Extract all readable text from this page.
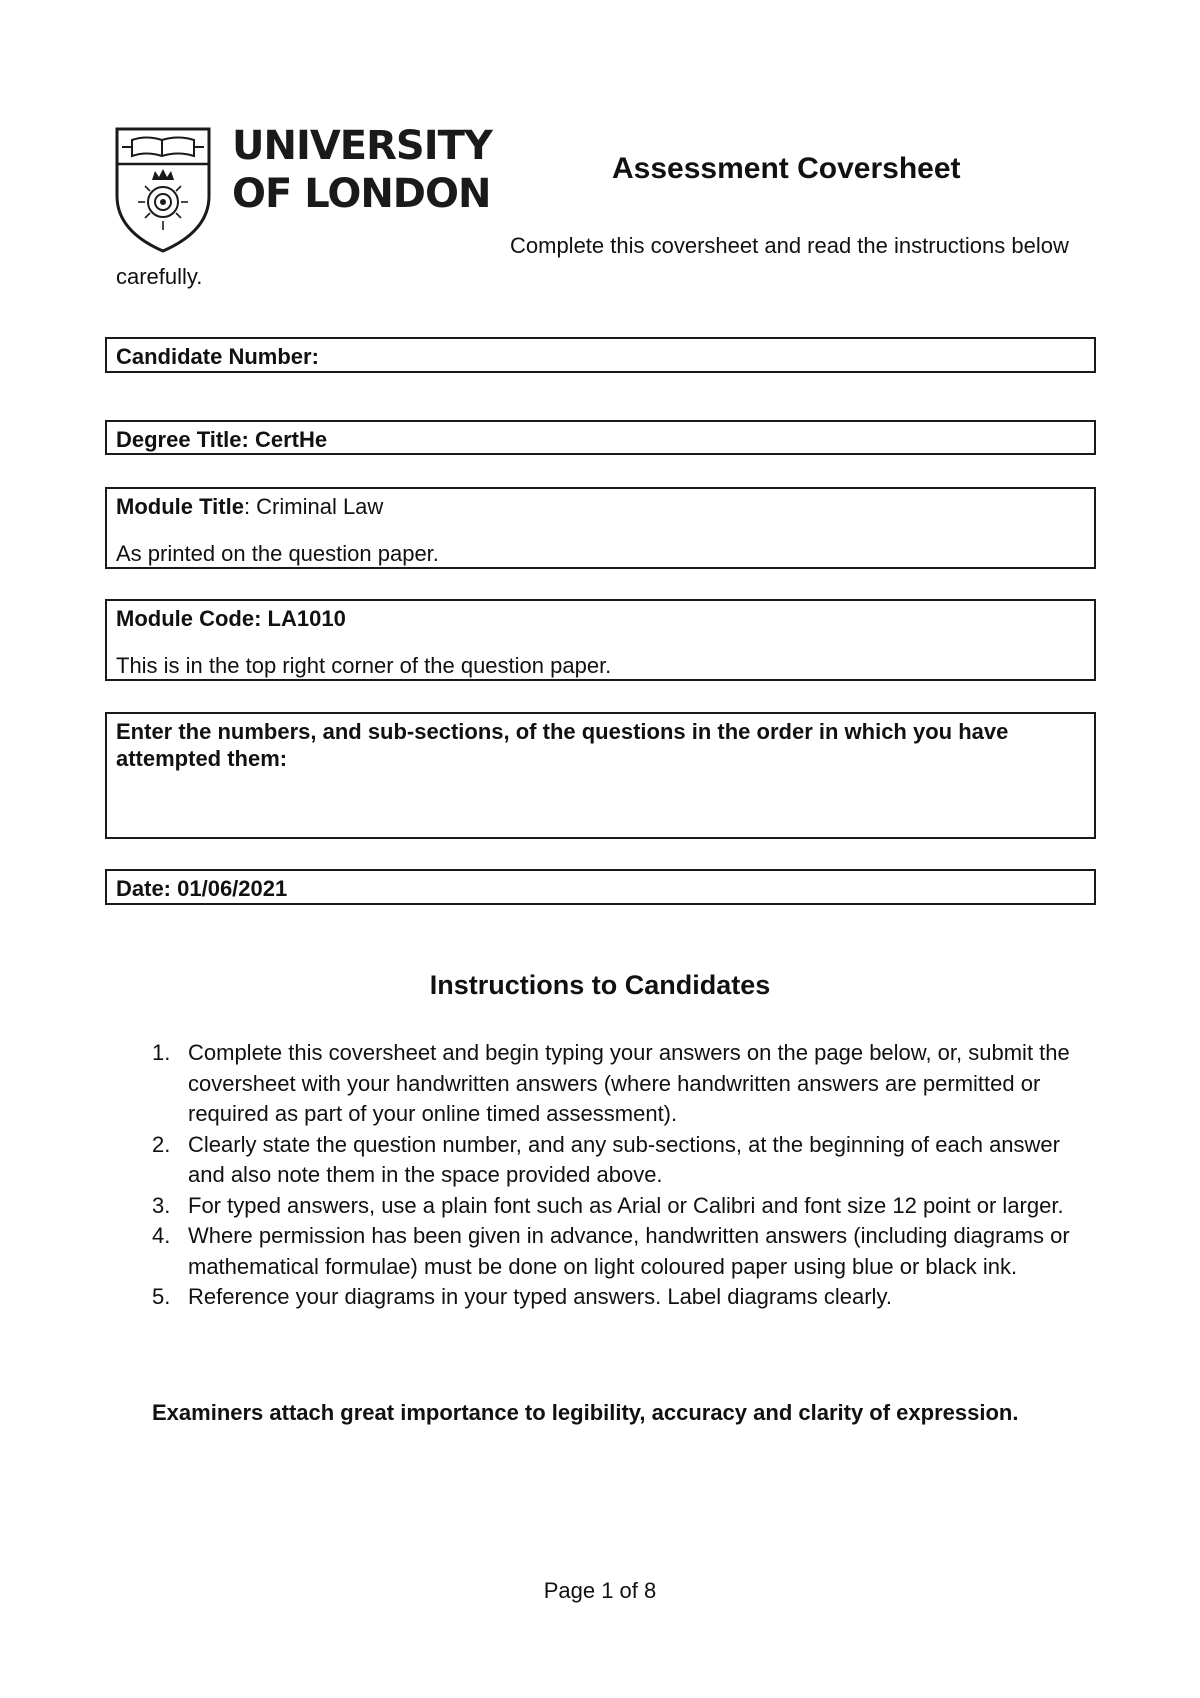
UNIVERSITY
OF LONDON
Assessment Coversheet
Complete this coversheet and read the instructions below carefully.
Candidate Number:
Degree Title: CertHe
Module Title: Criminal Law
As printed on the question paper.
Module Code: LA1010
This is in the top right corner of the question paper.
Enter the numbers, and sub-sections, of the questions in the order in which you have attempted them:
Date: 01/06/2021
Instructions to Candidates
1. Complete this coversheet and begin typing your answers on the page below, or, submit the coversheet with your handwritten answers (where handwritten answers are permitted or required as part of your online timed assessment).
2. Clearly state the question number, and any sub-sections, at the beginning of each answer and also note them in the space provided above.
3. For typed answers, use a plain font such as Arial or Calibri and font size 12 point or larger.
4. Where permission has been given in advance, handwritten answers (including diagrams or mathematical formulae) must be done on light coloured paper using blue or black ink.
5. Reference your diagrams in your typed answers. Label diagrams clearly.
Examiners attach great importance to legibility, accuracy and clarity of expression.
Page 1 of 8
